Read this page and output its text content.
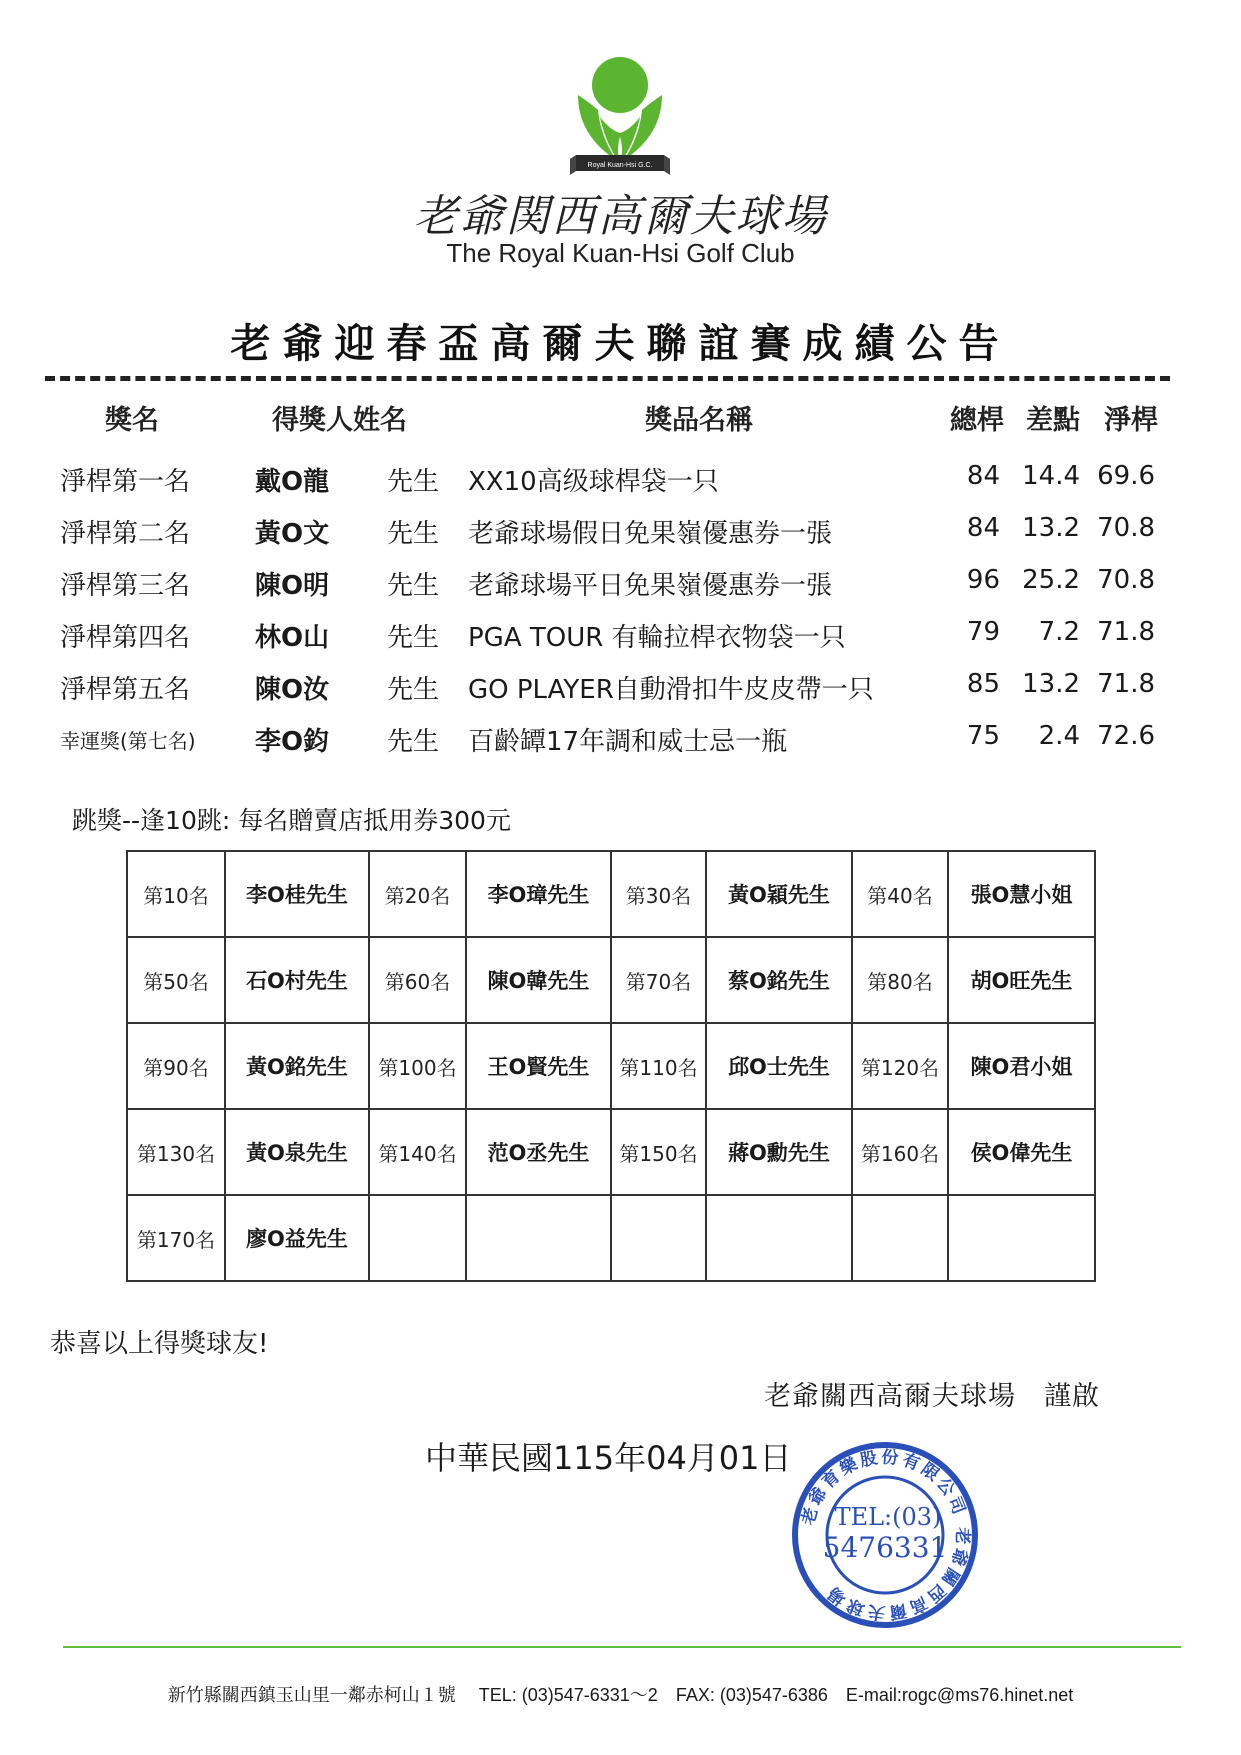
Royal Kuan-Hsi G.C.
老爺関西高爾夫球場
The Royal Kuan-Hsi Golf Club
老爺迎春盃高爾夫聯誼賽成績公告
獎名	得獎人姓名	獎品名稱	總桿 差點 淨桿
淨桿第一名 戴O龍 先生 XX10高级球桿袋一只	84 14.4 69.6
淨桿第二名 黃O文 先生 老爺球場假日免果嶺優惠券一張	84 13.2 70.8
淨桿第三名 陳O明 先生 老爺球場平日免果嶺優惠券一張	96 25.2 70.8
淨桿第四名 林O山 先生 PGA TOUR 有輪拉桿衣物袋一只	79	7.2 71.8
淨桿第五名 陳O汝 先生 GO PLAYER自動滑扣牛皮皮帶一只	85 13.2 71.8
幸運獎(第七名) 李O鈞 先生 百齡罈17年調和威士忌一瓶	75	2.4 72.6
跳獎--逢10跳: 每名贈賣店抵用券300元
第10名	李O桂先生	第20名	李O璋先生	第30名	黃O穎先生	第40名	張O慧小姐
第50名	石O村先生	第60名	陳O韓先生	第70名	蔡O銘先生	第80名	胡O旺先生
第90名	黃O銘先生	第100名	王O賢先生	第110名	邱O士先生	第120名	陳O君小姐
第130名	黃O泉先生	第140名	范O丞先生	第150名	蔣O勳先生	第160名	侯O偉先生
第170名	廖O益先生						
恭喜以上得獎球友!
老爺關西高爾夫球場　謹啟
中華民國115年04月01日
老爺育樂股份有限公司 老爺關西高爾夫球場
TEL:(03)
5476331
新竹縣關西鎮玉山里一鄰赤柯山１號　 TEL: (03)547-6331～2　FAX: (03)547-6386　E-mail:rogc@ms76.hinet.net
